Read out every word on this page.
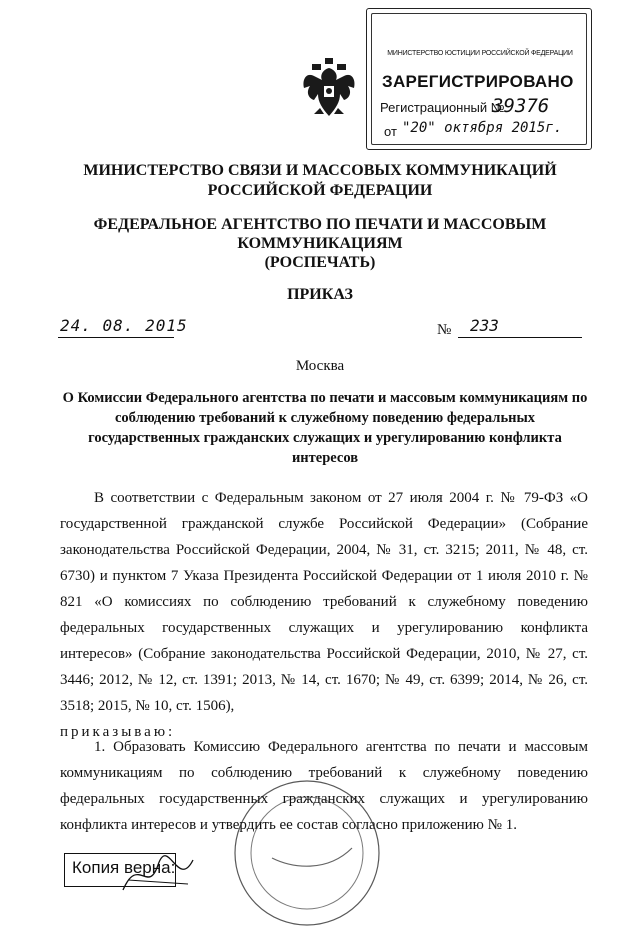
МИНИСТЕРСТВО ЮСТИЦИИ РОССИЙСКОЙ ФЕДЕРАЦИИ
ЗАРЕГИСТРИРОВАНО
Регистрационный №
39376
от "20" октября 2015г.
МИНИСТЕРСТВО СВЯЗИ И МАССОВЫХ КОММУНИКАЦИЙ
РОССИЙСКОЙ ФЕДЕРАЦИИ
ФЕДЕРАЛЬНОЕ АГЕНТСТВО ПО ПЕЧАТИ И МАССОВЫМ
КОММУНИКАЦИЯМ
(РОСПЕЧАТЬ)
ПРИКАЗ
24. 08. 2015	№ 233
Москва
О Комиссии Федерального агентства по печати и массовым коммуникациям по соблюдению требований к служебному поведению федеральных государственных гражданских служащих и урегулированию конфликта интересов
В соответствии с Федеральным законом от 27 июля 2004 г. № 79-ФЗ «О государственной гражданской службе Российской Федерации» (Собрание законодательства Российской Федерации, 2004, № 31, ст. 3215; 2011, № 48, ст. 6730) и пунктом 7 Указа Президента Российской Федерации от 1 июля 2010 г. № 821 «О комиссиях по соблюдению требований к служебному поведению федеральных государственных служащих и урегулированию конфликта интересов» (Собрание законодательства Российской Федерации, 2010, № 27, ст. 3446; 2012, № 12, ст. 1391; 2013, № 14, ст. 1670; № 49, ст. 6399; 2014, № 26, ст. 3518; 2015, № 10, ст. 1506),
приказываю:
1. Образовать Комиссию Федерального агентства по печати и массовым коммуникациям по соблюдению требований к служебному поведению федеральных государственных гражданских служащих и урегулированию конфликта интересов и утвердить ее состав согласно приложению № 1.
Копия верна:
